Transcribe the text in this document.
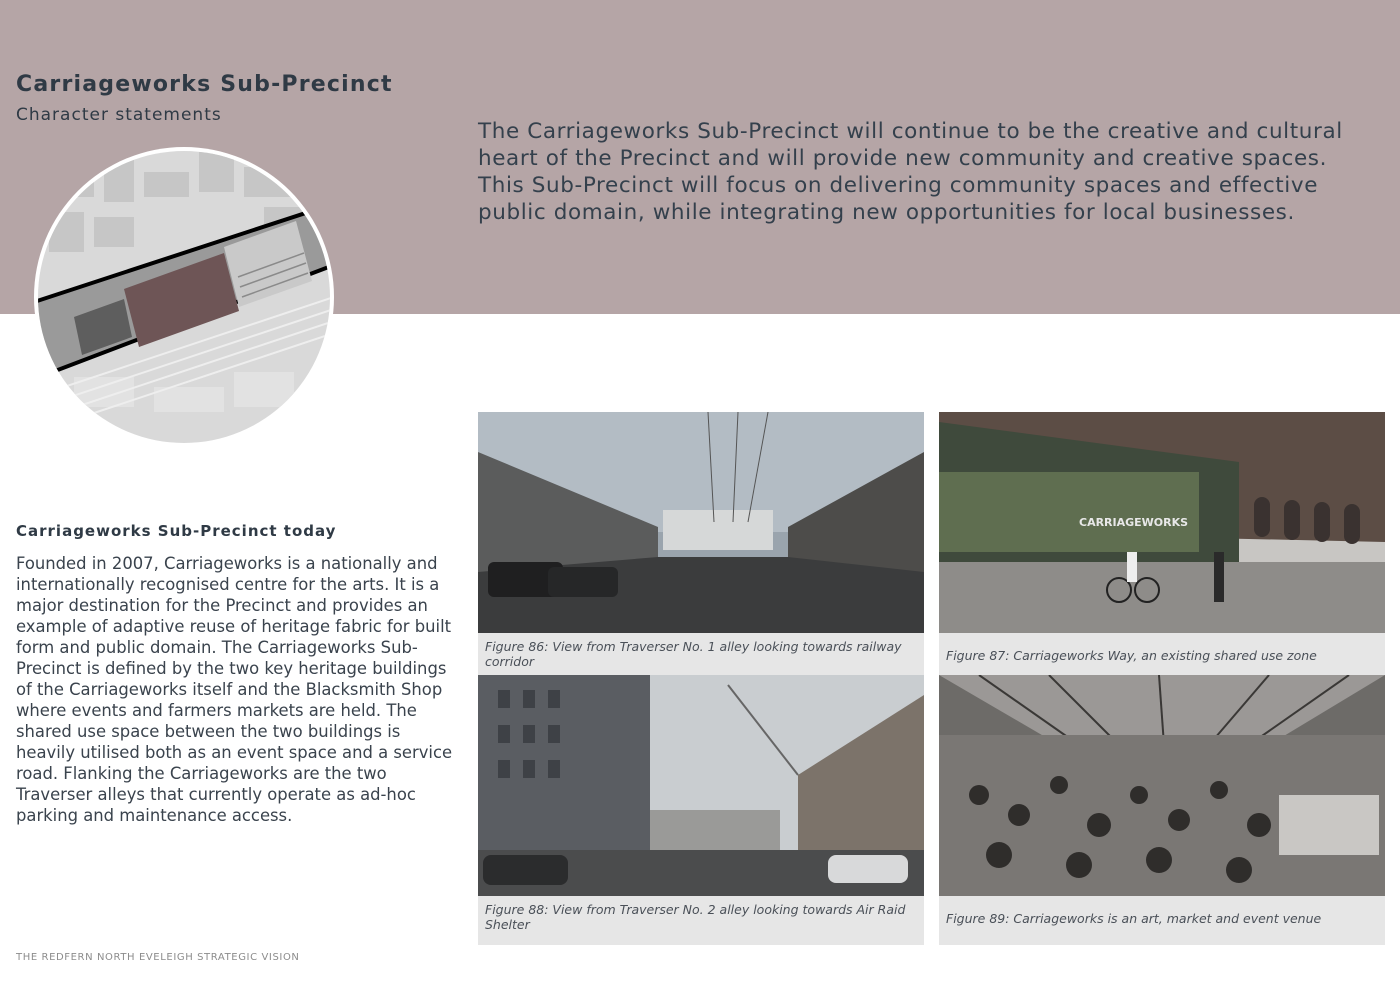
Carriageworks Sub-Precinct
Character statements

The Carriageworks Sub-Precinct will continue to be the creative and cultural heart of the Precinct and will provide new community and creative spaces. This Sub-Precinct will focus on delivering community spaces and effective public domain, while integrating new opportunities for local businesses.

Carriageworks Sub-Precinct today

Founded in 2007, Carriageworks is a nationally and internationally recognised centre for the arts. It is a major destination for the Precinct and provides an example of adaptive reuse of heritage fabric for built form and public domain. The Carriageworks Sub-Precinct is defined by the two key heritage buildings of the Carriageworks itself and the Blacksmith Shop where events and farmers markets are held. The shared use space between the two buildings is heavily utilised both as an event space and a service road. Flanking the Carriageworks are the two Traverser alleys that currently operate as ad-hoc parking and maintenance access.

Figure 86: View from Traverser No. 1 alley looking towards railway corridor
CARRIAGEWORKS
Figure 87: Carriageworks Way, an existing shared use zone
Figure 88: View from Traverser No. 2 alley looking towards Air Raid Shelter	Figure 89: Carriageworks is an art, market and event venue
THE REDFERN NORTH EVELEIGH STRATEGIC VISION
